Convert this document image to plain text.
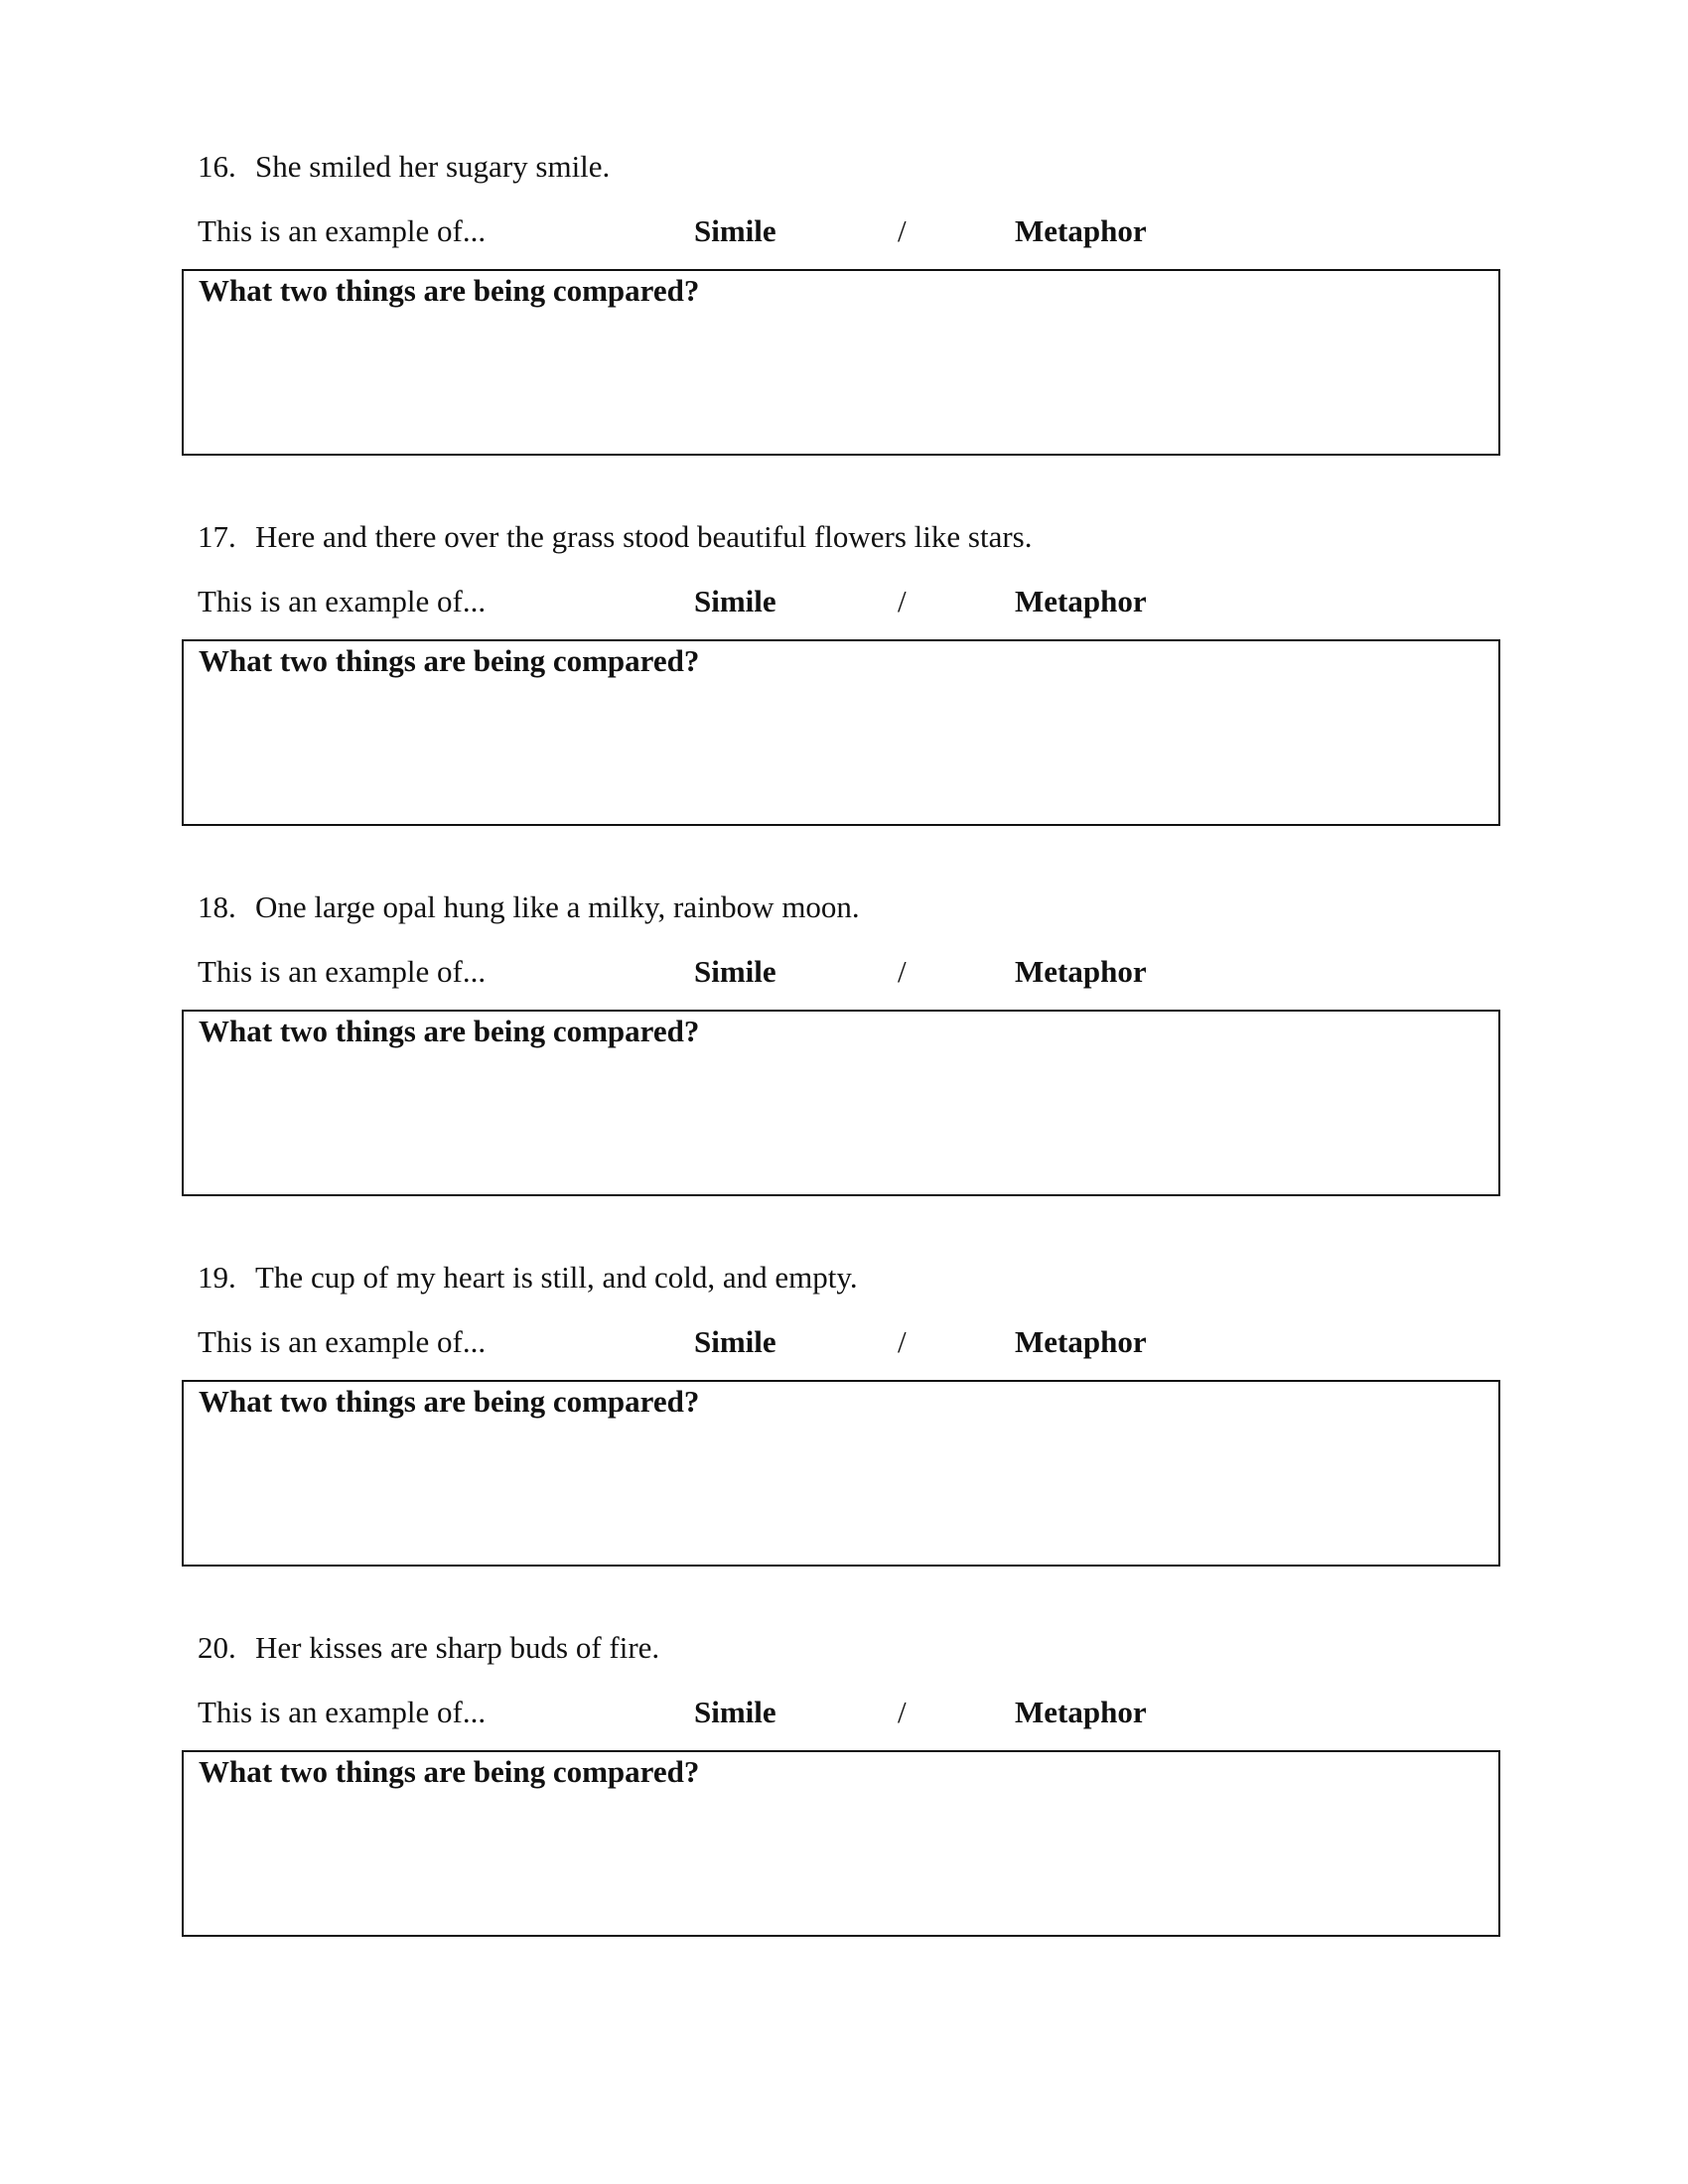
16. She smiled her sugary smile.
This is an example of...	Simile	/	Metaphor
What two things are being compared?
17. Here and there over the grass stood beautiful flowers like stars.
This is an example of...	Simile	/	Metaphor
What two things are being compared?
18. One large opal hung like a milky, rainbow moon.
This is an example of...	Simile	/	Metaphor
What two things are being compared?
19. The cup of my heart is still, and cold, and empty.
This is an example of...	Simile	/	Metaphor
What two things are being compared?
20. Her kisses are sharp buds of fire.
This is an example of...	Simile	/	Metaphor
What two things are being compared?
